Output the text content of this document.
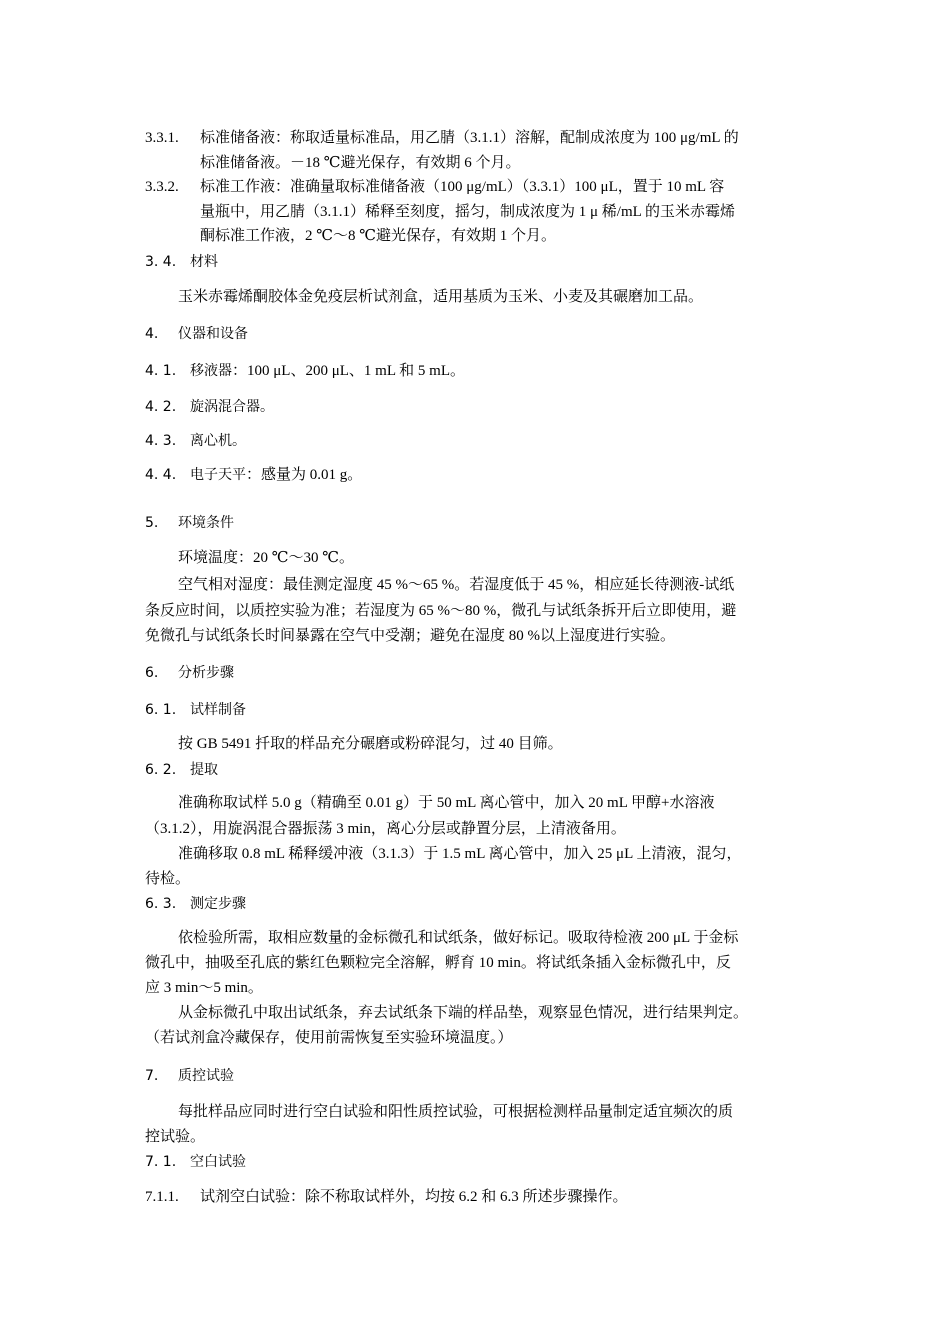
3.3.1. 标准储备液：称取适量标准品，用乙腈（3.1.1）溶解，配制成浓度为 100 μg/mL 的
标准储备液。－18 ℃避光保存，有效期 6 个月。
3.3.2. 标准工作液：准确量取标准储备液（100 μg/mL）（3.3.1）100 μL，置于 10 mL 容
量瓶中，用乙腈（3.1.1）稀释至刻度，摇匀，制成浓度为 1 μ 稀/mL 的玉米赤霉烯
酮标准工作液，2 ℃～8 ℃避光保存，有效期 1 个月。
3. 4. 材料
玉米赤霉烯酮胶体金免疫层析试剂盒，适用基质为玉米、小麦及其碾磨加工品。
4. 仪器和设备
4. 1. 移液器：100 μL、200 μL、1 mL 和 5 mL。
4. 2. 旋涡混合器。
4. 3. 离心机。
4. 4. 电子天平：感量为 0.01 g。
5. 环境条件
环境温度：20 ℃～30 ℃。
空气相对湿度：最佳测定湿度 45 %～65 %。若湿度低于 45 %，相应延长待测液-试纸
条反应时间，以质控实验为准；若湿度为 65 %～80 %，微孔与试纸条拆开后立即使用，避
免微孔与试纸条长时间暴露在空气中受潮；避免在湿度 80 %以上湿度进行实验。
6. 分析步骤
6. 1. 试样制备
按 GB 5491 扦取的样品充分碾磨或粉碎混匀，过 40 目筛。
6. 2. 提取
准确称取试样 5.0 g（精确至 0.01 g）于 50 mL 离心管中，加入 20 mL 甲醇+水溶液
（3.1.2），用旋涡混合器振荡 3 min，离心分层或静置分层，上清液备用。
准确移取 0.8 mL 稀释缓冲液（3.1.3）于 1.5 mL 离心管中，加入 25 μL 上清液，混匀，
待检。
6. 3. 测定步骤
依检验所需，取相应数量的金标微孔和试纸条，做好标记。吸取待检液 200 μL 于金标
微孔中，抽吸至孔底的紫红色颗粒完全溶解，孵育 10 min。将试纸条插入金标微孔中，反
应 3 min～5 min。
从金标微孔中取出试纸条，弃去试纸条下端的样品垫，观察显色情况，进行结果判定。
（若试剂盒冷藏保存，使用前需恢复至实验环境温度。）
7. 质控试验
每批样品应同时进行空白试验和阳性质控试验，可根据检测样品量制定适宜频次的质
控试验。
7. 1. 空白试验
7.1.1. 试剂空白试验：除不称取试样外，均按 6.2 和 6.3 所述步骤操作。
